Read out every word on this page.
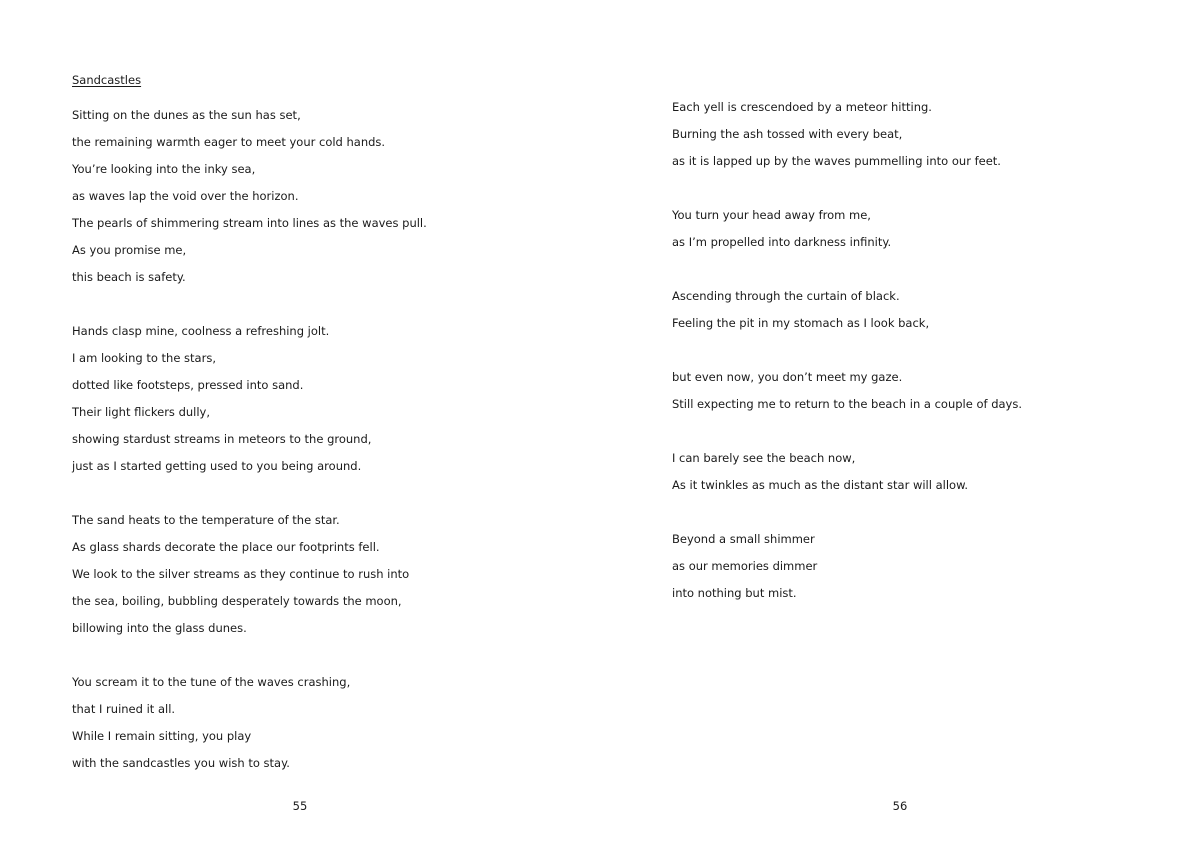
Sandcastles
Sitting on the dunes as the sun has set,
the remaining warmth eager to meet your cold hands.
You’re looking into the inky sea,
as waves lap the void over the horizon.
The pearls of shimmering stream into lines as the waves pull.
As you promise me,
this beach is safety.
Hands clasp mine, coolness a refreshing jolt.
I am looking to the stars,
dotted like footsteps, pressed into sand.
Their light flickers dully,
showing stardust streams in meteors to the ground,
just as I started getting used to you being around.
The sand heats to the temperature of the star.
As glass shards decorate the place our footprints fell.
We look to the silver streams as they continue to rush into
the sea, boiling, bubbling desperately towards the moon,
billowing into the glass dunes.
You scream it to the tune of the waves crashing,
that I ruined it all.
While I remain sitting, you play
with the sandcastles you wish to stay.
55
Each yell is crescendoed by a meteor hitting.
Burning the ash tossed with every beat,
as it is lapped up by the waves pummelling into our feet.
You turn your head away from me,
as I’m propelled into darkness infinity.
Ascending through the curtain of black.
Feeling the pit in my stomach as I look back,
but even now, you don’t meet my gaze.
Still expecting me to return to the beach in a couple of days.
I can barely see the beach now,
As it twinkles as much as the distant star will allow.
Beyond a small shimmer
as our memories dimmer
into nothing but mist.
56
